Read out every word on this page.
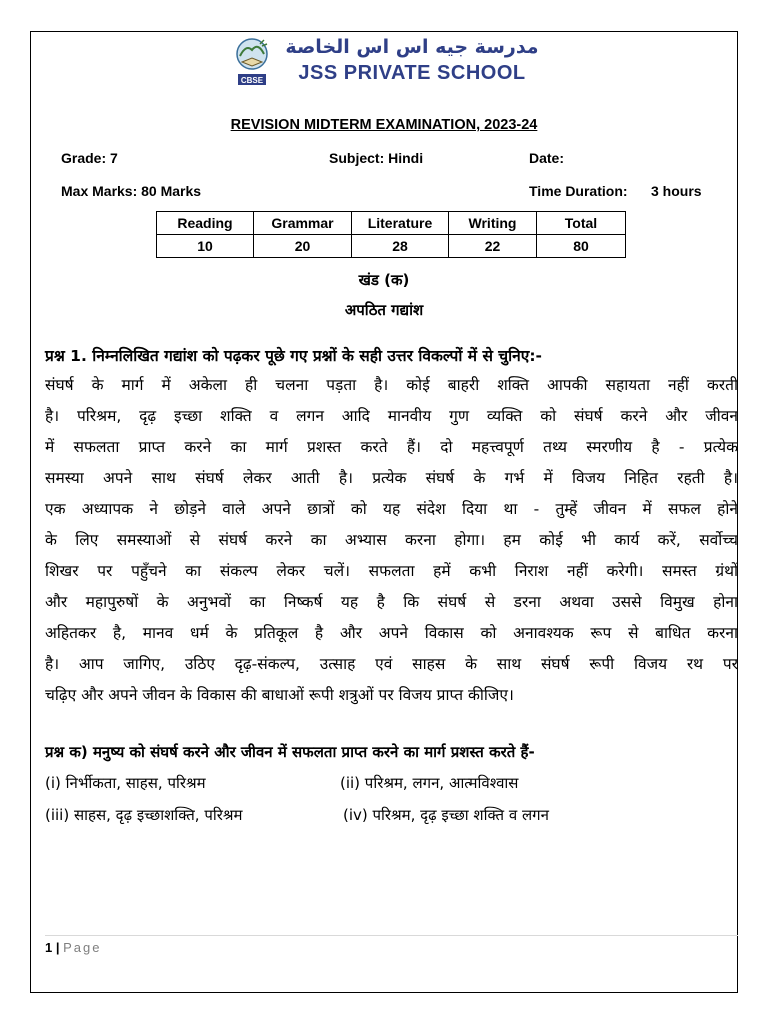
CBSE
مدرسة جيه اس اس الخاصة
JSS PRIVATE SCHOOL
REVISION MIDTERM EXAMINATION, 2023-24
Grade: 7	Subject: Hindi	Date:
Max Marks: 80 Marks	Time Duration: 3 hours
Reading	Grammar	Literature	Writing	Total
10	20	28	22	80
खंड (क)
अपठित गद्यांश
प्रश्न 1. निम्नलिखित गद्यांश को पढ़कर पूछे गए प्रश्नों के सही उत्तर विकल्पों में से चुनिए:-
संघर्ष के मार्ग में अकेला ही चलना पड़ता है। कोई बाहरी शक्ति आपकी सहायता नहीं करती
है। परिश्रम, दृढ़ इच्छा शक्ति व लगन आदि मानवीय गुण व्यक्ति को संघर्ष करने और जीवन
में सफलता प्राप्त करने का मार्ग प्रशस्त करते हैं। दो महत्त्वपूर्ण तथ्य स्मरणीय है - प्रत्येक
समस्या अपने साथ संघर्ष लेकर आती है। प्रत्येक संघर्ष के गर्भ में विजय निहित रहती है।
एक अध्यापक ने छोड़ने वाले अपने छात्रों को यह संदेश दिया था - तुम्हें जीवन में सफल होने
के लिए समस्याओं से संघर्ष करने का अभ्यास करना होगा। हम कोई भी कार्य करें, सर्वोच्च
शिखर पर पहुँचने का संकल्प लेकर चलें। सफलता हमें कभी निराश नहीं करेगी। समस्त ग्रंथों
और महापुरुषों के अनुभवों का निष्कर्ष यह है कि संघर्ष से डरना अथवा उससे विमुख होना
अहितकर है, मानव धर्म के प्रतिकूल है और अपने विकास को अनावश्यक रूप से बाधित करना
है। आप जागिए, उठिए दृढ़-संकल्प, उत्साह एवं साहस के साथ संघर्ष रूपी विजय रथ पर
चढ़िए और अपने जीवन के विकास की बाधाओं रूपी शत्रुओं पर विजय प्राप्त कीजिए।
प्रश्न क) मनुष्य को संघर्ष करने और जीवन में सफलता प्राप्त करने का मार्ग प्रशस्त करते हैं-
(i) निर्भीकता, साहस, परिश्रम	(ii) परिश्रम, लगन, आत्मविश्वास
(iii) साहस, दृढ़ इच्छाशक्ति, परिश्रम	(iv) परिश्रम, दृढ़ इच्छा शक्ति व लगन
1 | Page
